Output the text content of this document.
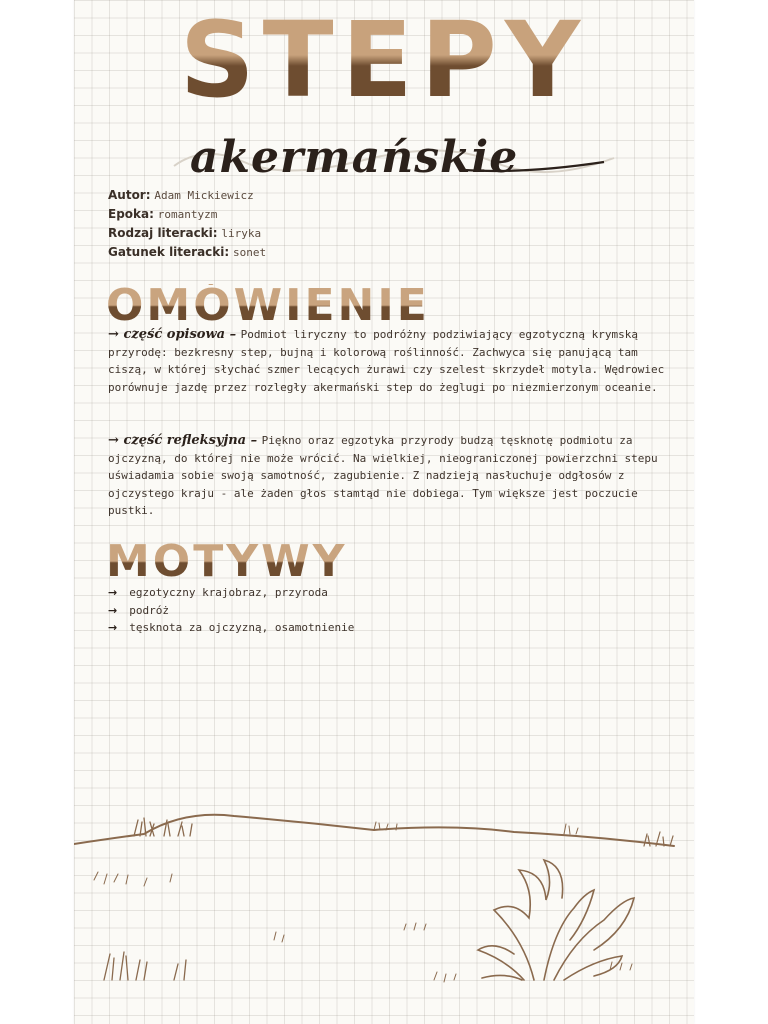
STEPY
akermańskie
Autor: Adam Mickiewicz
Epoka: romantyzm
Rodzaj literacki: liryka
Gatunek literacki: sonet
OMÓWIENIE
→ część opisowa – Podmiot liryczny to podróżny podziwiający egzotyczną krymską przyrodę: bezkresny step, bujną i kolorową roślinność. Zachwyca się panującą tam ciszą, w której słychać szmer lecących żurawi czy szelest skrzydeł motyla. Wędrowiec porównuje jazdę przez rozległy akermański step do żeglugi po niezmierzonym oceanie.
→ część refleksyjna – Piękno oraz egzotyka przyrody budzą tęsknotę podmiotu za ojczyzną, do której nie może wrócić. Na wielkiej, nieograniczonej powierzchni stepu uświadamia sobie swoją samotność, zagubienie. Z nadzieją nasłuchuje odgłosów z ojczystego kraju - ale żaden głos stamtąd nie dobiega. Tym większe jest poczucie pustki.
MOTYWY
→ egzotyczny krajobraz, przyroda
→ podróż
→ tęsknota za ojczyzną, osamotnienie
